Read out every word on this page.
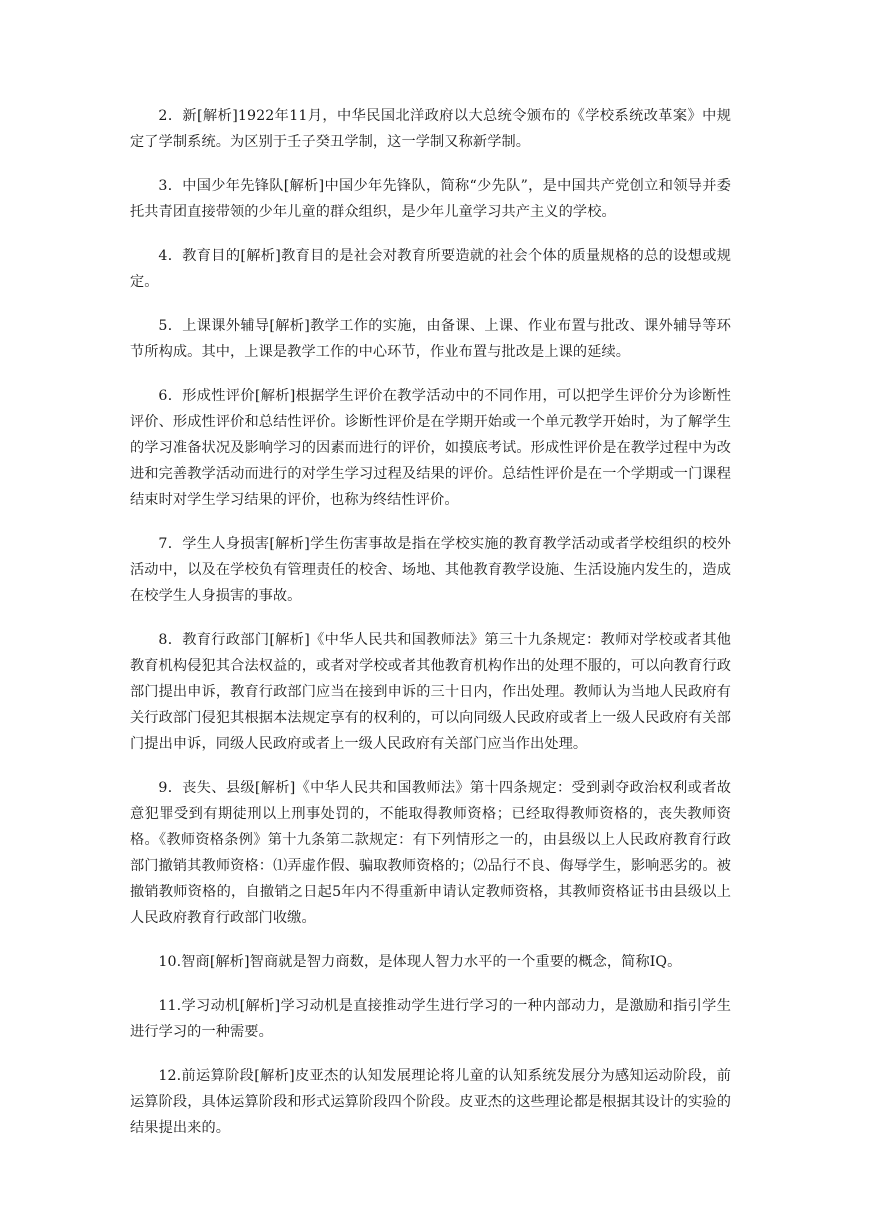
2．新[解析]1922年11月，中华民国北洋政府以大总统令颁布的《学校系统改革案》中规定了学制系统。为区别于壬子癸丑学制，这一学制又称新学制。

3．中国少年先锋队[解析]中国少年先锋队，简称“少先队”，是中国共产党创立和领导并委托共青团直接带领的少年儿童的群众组织，是少年儿童学习共产主义的学校。

4．教育目的[解析]教育目的是社会对教育所要造就的社会个体的质量规格的总的设想或规定。

5．上课课外辅导[解析]教学工作的实施，由备课、上课、作业布置与批改、课外辅导等环节所构成。其中，上课是教学工作的中心环节，作业布置与批改是上课的延续。

6．形成性评价[解析]根据学生评价在教学活动中的不同作用，可以把学生评价分为诊断性评价、形成性评价和总结性评价。诊断性评价是在学期开始或一个单元教学开始时，为了解学生的学习准备状况及影响学习的因素而进行的评价，如摸底考试。形成性评价是在教学过程中为改进和完善教学活动而进行的对学生学习过程及结果的评价。总结性评价是在一个学期或一门课程结束时对学生学习结果的评价，也称为终结性评价。

7．学生人身损害[解析]学生伤害事故是指在学校实施的教育教学活动或者学校组织的校外活动中，以及在学校负有管理责任的校舍、场地、其他教育教学设施、生活设施内发生的，造成在校学生人身损害的事故。

8．教育行政部门[解析]《中华人民共和国教师法》第三十九条规定：教师对学校或者其他教育机构侵犯其合法权益的，或者对学校或者其他教育机构作出的处理不服的，可以向教育行政部门提出申诉，教育行政部门应当在接到申诉的三十日内，作出处理。教师认为当地人民政府有关行政部门侵犯其根据本法规定享有的权利的，可以向同级人民政府或者上一级人民政府有关部门提出申诉，同级人民政府或者上一级人民政府有关部门应当作出处理。

9．丧失、县级[解析]《中华人民共和国教师法》第十四条规定：受到剥夺政治权利或者故意犯罪受到有期徒刑以上刑事处罚的，不能取得教师资格；已经取得教师资格的，丧失教师资格。《教师资格条例》第十九条第二款规定：有下列情形之一的，由县级以上人民政府教育行政部门撤销其教师资格：⑴弄虚作假、骗取教师资格的；⑵品行不良、侮辱学生，影响恶劣的。被撤销教师资格的，自撤销之日起5年内不得重新申请认定教师资格，其教师资格证书由县级以上人民政府教育行政部门收缴。

10.智商[解析]智商就是智力商数，是体现人智力水平的一个重要的概念，简称IQ。

11.学习动机[解析]学习动机是直接推动学生进行学习的一种内部动力，是激励和指引学生进行学习的一种需要。

12.前运算阶段[解析]皮亚杰的认知发展理论将儿童的认知系统发展分为感知运动阶段，前运算阶段，具体运算阶段和形式运算阶段四个阶段。皮亚杰的这些理论都是根据其设计的实验的结果提出来的。
